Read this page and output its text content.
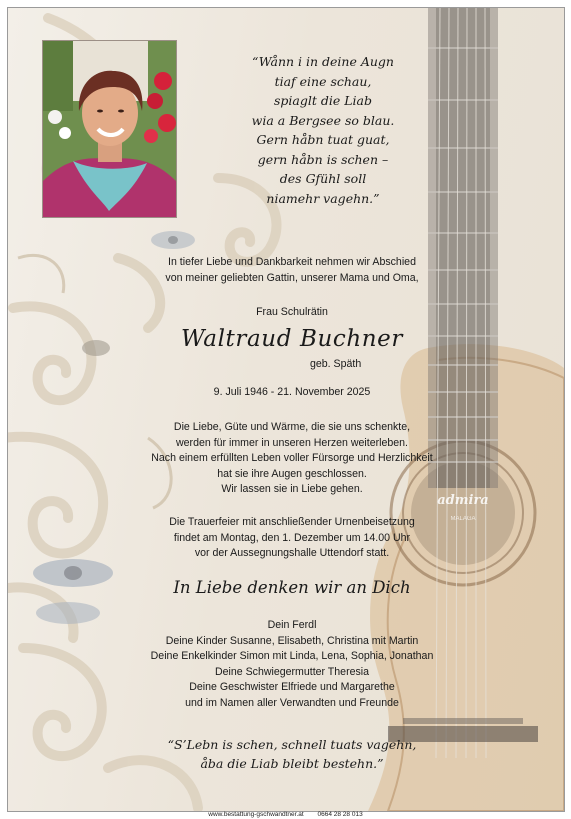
admira
MALAGA
“Wånn i in deine Augn
tiaf eine schau,
spiaglt die Liab
wia a Bergsee so blau.
Gern håbn tuat guat,
gern håbn is schen –
des Gfühl soll
niamehr vagehn.”
In tiefer Liebe und Dankbarkeit nehmen wir Abschied
von meiner geliebten Gattin, unserer Mama und Oma,
Frau Schulrätin
Waltraud Buchner
geb. Späth
9. Juli 1946 - 21. November 2025
Die Liebe, Güte und Wärme, die sie uns schenkte,
werden für immer in unseren Herzen weiterleben.
Nach einem erfüllten Leben voller Fürsorge und Herzlichkeit
hat sie ihre Augen geschlossen.
Wir lassen sie in Liebe gehen.
Die Trauerfeier mit anschließender Urnenbeisetzung
findet am Montag, den 1. Dezember um 14.00 Uhr
vor der Aussegnungshalle Uttendorf statt.
In Liebe denken wir an Dich
Dein Ferdl
Deine Kinder Susanne, Elisabeth, Christina mit Martin
Deine Enkelkinder Simon mit Linda, Lena, Sophia, Jonathan
Deine Schwiegermutter Theresia
Deine Geschwister Elfriede und Margarethe
und im Namen aller Verwandten und Freunde
“S’Lebn is schen, schnell tuats vagehn,
åba die Liab bleibt bestehn.”
www.bestattung-gschwandtner.at 0664 28 28 013
